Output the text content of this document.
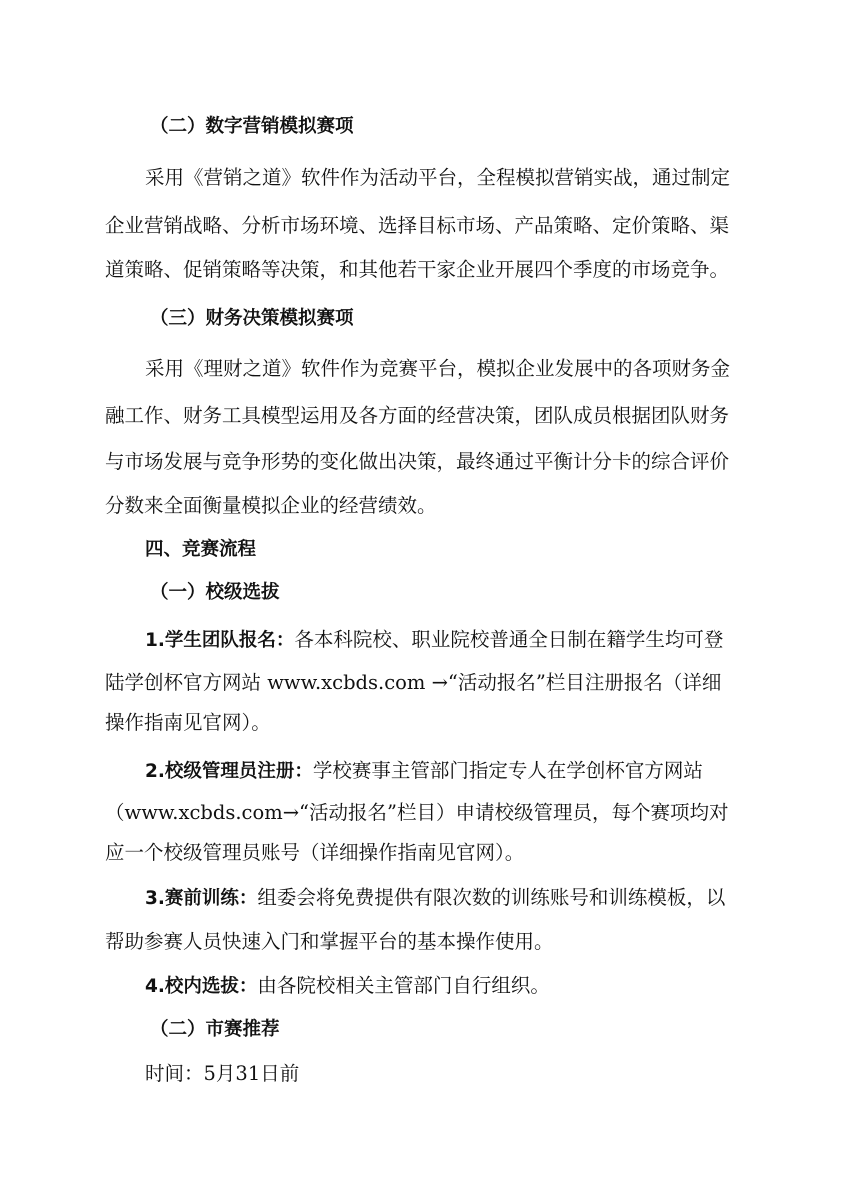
（二）数字营销模拟赛项
采用《营销之道》软件作为活动平台，全程模拟营销实战，通过制定
企业营销战略、分析市场环境、选择目标市场、产品策略、定价策略、渠
道策略、促销策略等决策，和其他若干家企业开展四个季度的市场竞争。
（三）财务决策模拟赛项
采用《理财之道》软件作为竞赛平台，模拟企业发展中的各项财务金
融工作、财务工具模型运用及各方面的经营决策，团队成员根据团队财务
与市场发展与竞争形势的变化做出决策，最终通过平衡计分卡的综合评价
分数来全面衡量模拟企业的经营绩效。
四、竞赛流程
（一）校级选拔
1.学生团队报名：各本科院校、职业院校普通全日制在籍学生均可登
陆学创杯官方网站 www.xcbds.com →“活动报名”栏目注册报名（详细
操作指南见官网）。
2.校级管理员注册：学校赛事主管部门指定专人在学创杯官方网站
（www.xcbds.com→“活动报名”栏目）申请校级管理员，每个赛项均对
应一个校级管理员账号（详细操作指南见官网）。
3.赛前训练：组委会将免费提供有限次数的训练账号和训练模板，以
帮助参赛人员快速入门和掌握平台的基本操作使用。
4.校内选拔：由各院校相关主管部门自行组织。
（二）市赛推荐
时间：5月31日前
